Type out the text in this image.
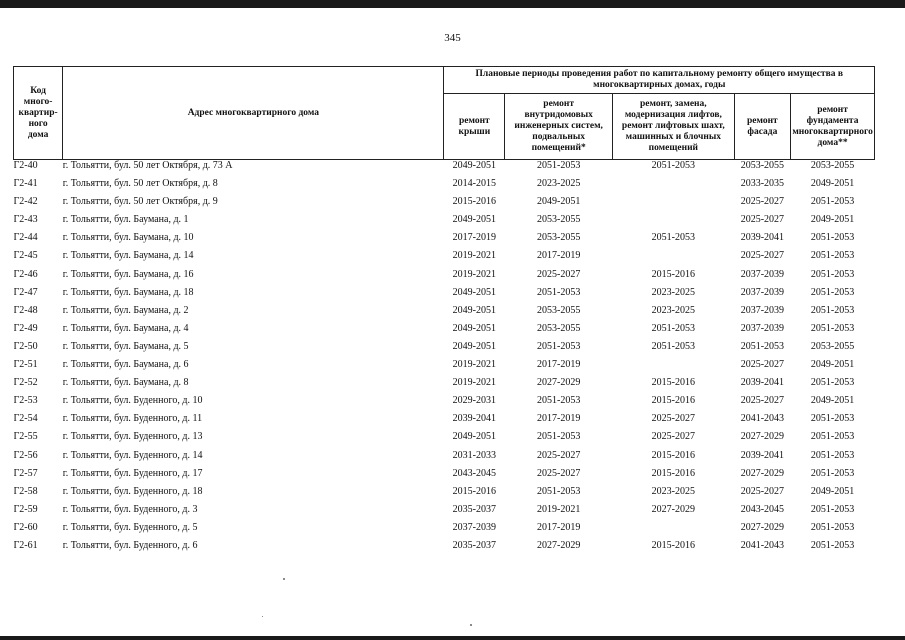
345
Код
много-
квартир-
ного
дома	Адрес многоквартирного дома	Плановые периоды проведения работ по капитальному ремонту общего имущества в
многоквартирных домах, годы				
		ремонт
крыши	ремонт
внутридомовых
инженерных систем,
подвальных
помещений*	ремонт, замена,
модернизация лифтов,
ремонт лифтовых шахт,
машинных и блочных
помещений	ремонт
фасада	ремонт
фундамента
многоквартирного
дома**
Г2-40	г. Тольятти, бул. 50 лет Октября, д. 73 А	2049-2051	2051-2053	2051-2053	2053-2055	2053-2055
Г2-41	г. Тольятти, бул. 50 лет Октября, д. 8	2014-2015	2023-2025		2033-2035	2049-2051
Г2-42	г. Тольятти, бул. 50 лет Октября, д. 9	2015-2016	2049-2051		2025-2027	2051-2053
Г2-43	г. Тольятти, бул. Баумана, д. 1	2049-2051	2053-2055		2025-2027	2049-2051
Г2-44	г. Тольятти, бул. Баумана, д. 10	2017-2019	2053-2055	2051-2053	2039-2041	2051-2053
Г2-45	г. Тольятти, бул. Баумана, д. 14	2019-2021	2017-2019		2025-2027	2051-2053
Г2-46	г. Тольятти, бул. Баумана, д. 16	2019-2021	2025-2027	2015-2016	2037-2039	2051-2053
Г2-47	г. Тольятти, бул. Баумана, д. 18	2049-2051	2051-2053	2023-2025	2037-2039	2051-2053
Г2-48	г. Тольятти, бул. Баумана, д. 2	2049-2051	2053-2055	2023-2025	2037-2039	2051-2053
Г2-49	г. Тольятти, бул. Баумана, д. 4	2049-2051	2053-2055	2051-2053	2037-2039	2051-2053
Г2-50	г. Тольятти, бул. Баумана, д. 5	2049-2051	2051-2053	2051-2053	2051-2053	2053-2055
Г2-51	г. Тольятти, бул. Баумана, д. 6	2019-2021	2017-2019		2025-2027	2049-2051
Г2-52	г. Тольятти, бул. Баумана, д. 8	2019-2021	2027-2029	2015-2016	2039-2041	2051-2053
Г2-53	г. Тольятти, бул. Буденного, д. 10	2029-2031	2051-2053	2015-2016	2025-2027	2049-2051
Г2-54	г. Тольятти, бул. Буденного, д. 11	2039-2041	2017-2019	2025-2027	2041-2043	2051-2053
Г2-55	г. Тольятти, бул. Буденного, д. 13	2049-2051	2051-2053	2025-2027	2027-2029	2051-2053
Г2-56	г. Тольятти, бул. Буденного, д. 14	2031-2033	2025-2027	2015-2016	2039-2041	2051-2053
Г2-57	г. Тольятти, бул. Буденного, д. 17	2043-2045	2025-2027	2015-2016	2027-2029	2051-2053
Г2-58	г. Тольятти, бул. Буденного, д. 18	2015-2016	2051-2053	2023-2025	2025-2027	2049-2051
Г2-59	г. Тольятти, бул. Буденного, д. 3	2035-2037	2019-2021	2027-2029	2043-2045	2051-2053
Г2-60	г. Тольятти, бул. Буденного, д. 5	2037-2039	2017-2019		2027-2029	2051-2053
Г2-61	г. Тольятти, бул. Буденного, д. 6	2035-2037	2027-2029	2015-2016	2041-2043	2051-2053
